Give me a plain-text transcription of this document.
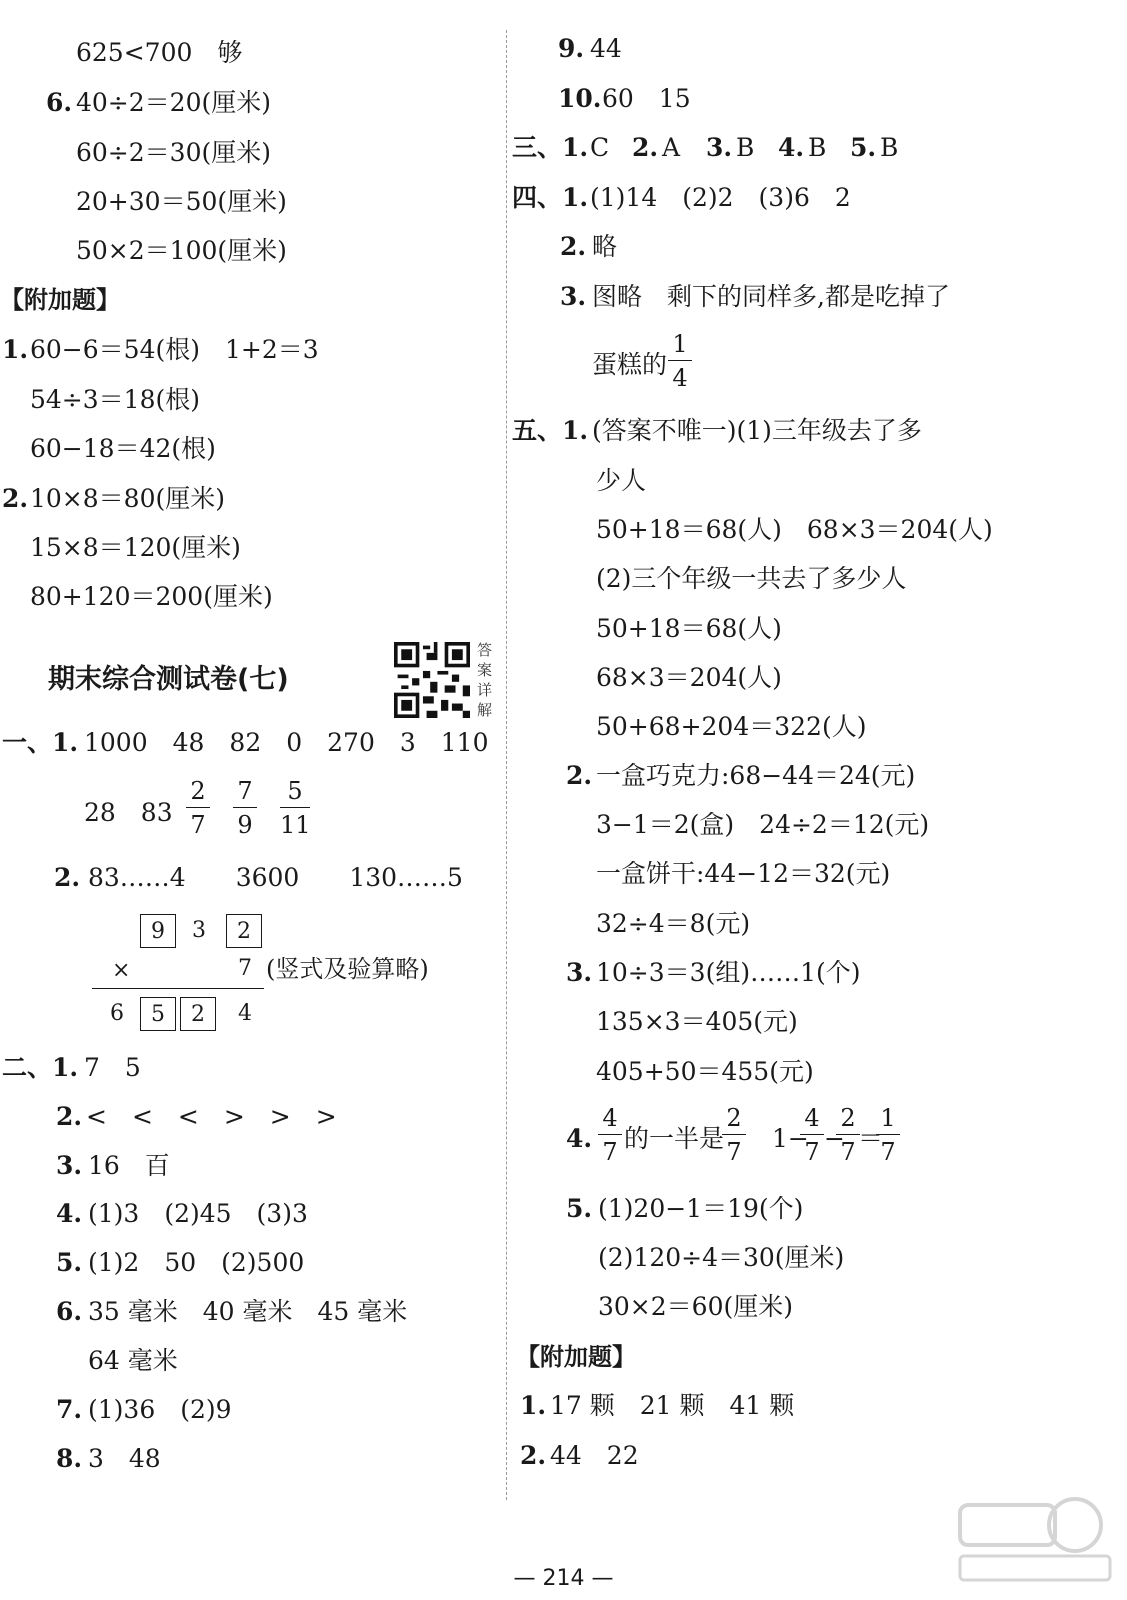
625<700　够
6. 40÷2＝20(厘米)
60÷2＝30(厘米)
20+30＝50(厘米)
50×2＝100(厘米)
【附加题】
1. 60−6＝54(根)　1+2＝3
54÷3＝18(根)
60−18＝42(根)
2. 10×8＝80(厘米)
15×8＝120(厘米)
80+120＝200(厘米)
期末综合测试卷(七)
答案详解
一、1. 1000　48　82　0　270　3　110
28　83
2
7
7
9
5
11
2. 83……4　　3600　　130……5
9	3	2
×	7 (竖式及验算略)
6	5	2	4
二、1. 7　5
2. <　<　<　>　>　>
3. 16　百
4. (1)3　(2)45　(3)3
5. (1)2　50　(2)500
6. 35 毫米　40 毫米　45 毫米
64 毫米
7. (1)36　(2)9
8. 3　48
9. 44
10. 60　15
三、1. C　
2. A 3. B 4. B 5. B
四、1. (1)14　(2)2　(3)6　2
2. 略
3. 图略　剩下的同样多,都是吃掉了
蛋糕的
1
4
五、1. (答案不唯一)(1)三年级去了多
少人
50+18＝68(人)　68×3＝204(人)
(2)三个年级一共去了多少人
50+18＝68(人)
68×3＝204(人)
50+68+204＝322(人)
2. 一盒巧克力:68−44＝24(元)
3−1＝2(盒)　24÷2＝12(元)
一盒饼干:44−12＝32(元)
32÷4＝8(元)
3. 10÷3＝3(组)……1(个)
135×3＝405(元)
405+50＝455(元)
4.
4
7 的一半是
2
7 1−
4
7 −
2
7 ＝
1
7
5. (1)20−1＝19(个)
(2)120÷4＝30(厘米)
30×2＝60(厘米)
【附加题】
1. 17 颗　21 颗　41 颗
2. 44　22
— 214 —
